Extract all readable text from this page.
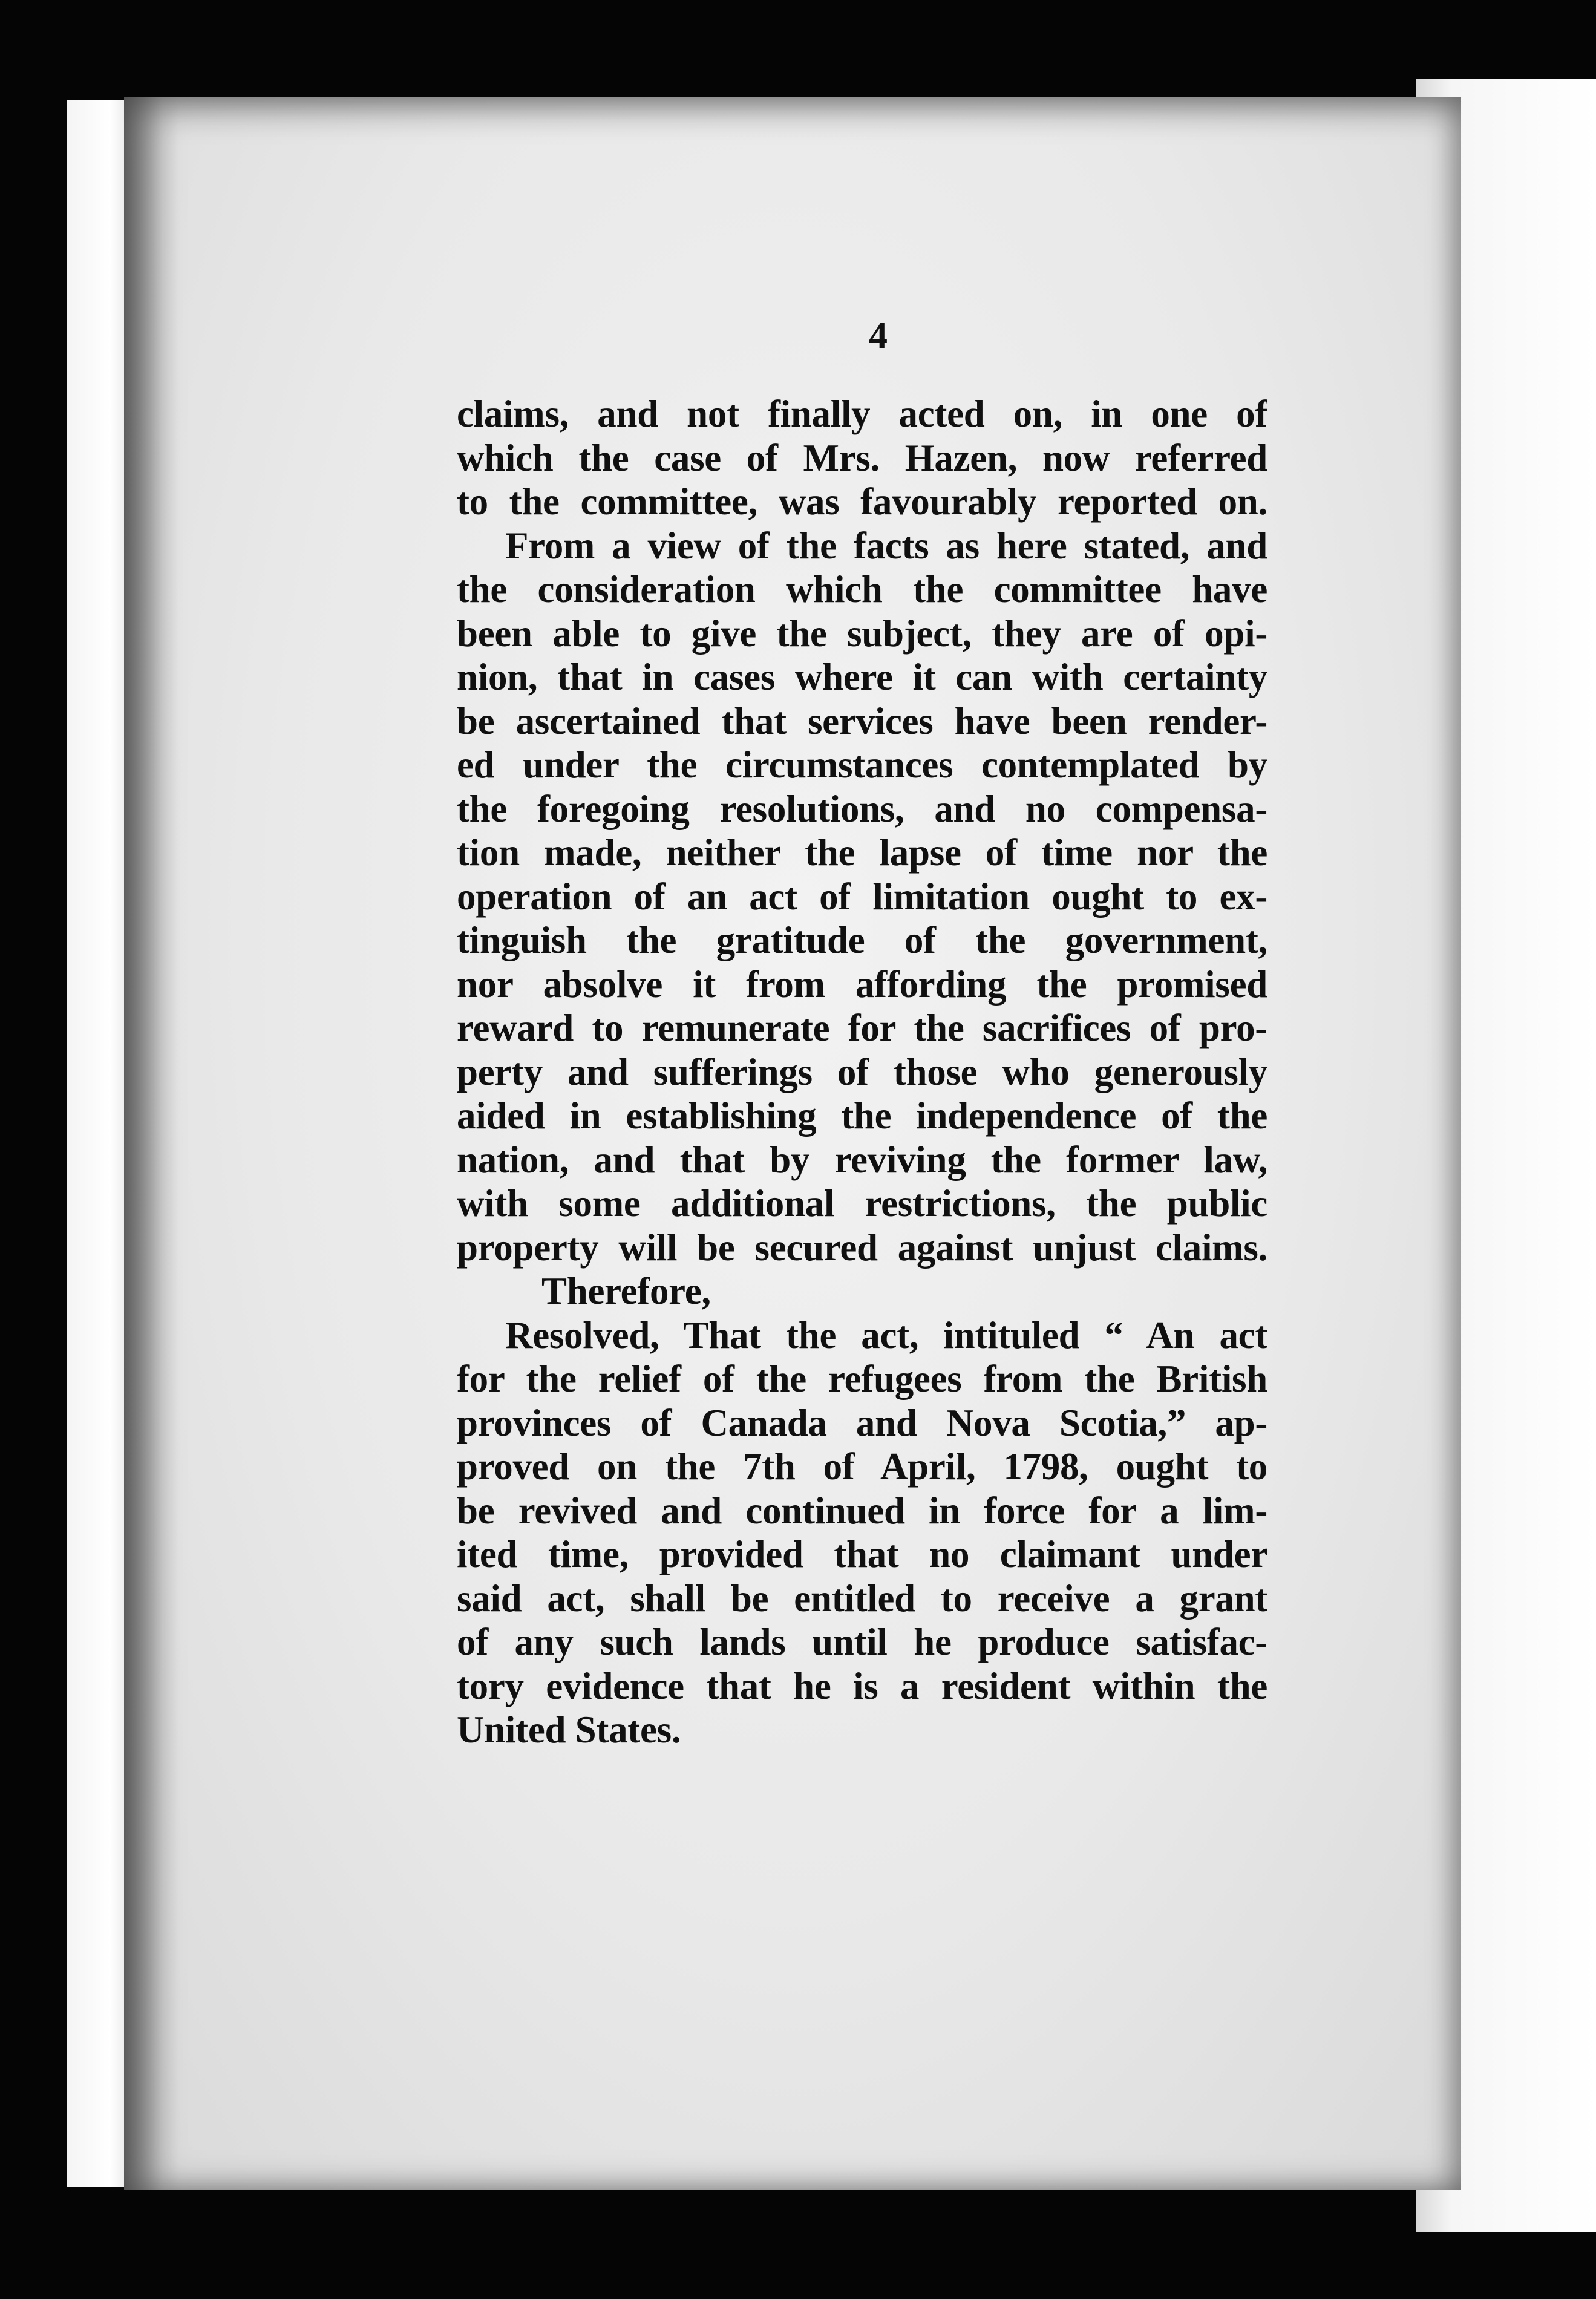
4
claims, and not finally acted on, in one of
which the case of Mrs. Hazen, now referred
to the committee, was favourably reported on.
From a view of the facts as here stated, and
the consideration which the committee have
been able to give the subject, they are of opi-
nion, that in cases where it can with certainty
be ascertained that services have been render-
ed under the circumstances contemplated by
the foregoing resolutions, and no compensa-
tion made, neither the lapse of time nor the
operation of an act of limitation ought to ex-
tinguish the gratitude of the government,
nor absolve it from affording the promised
reward to remunerate for the sacrifices of pro-
perty and sufferings of those who generously
aided in establishing the independence of the
nation, and that by reviving the former law,
with some additional restrictions, the public
property will be secured against unjust claims.
Therefore,
Resolved, That the act, intituled “ An act
for the relief of the refugees from the British
provinces of Canada and Nova Scotia,” ap-
proved on the 7th of April, 1798, ought to
be revived and continued in force for a lim-
ited time, provided that no claimant under
said act, shall be entitled to receive a grant
of any such lands until he produce satisfac-
tory evidence that he is a resident within the
United States.
